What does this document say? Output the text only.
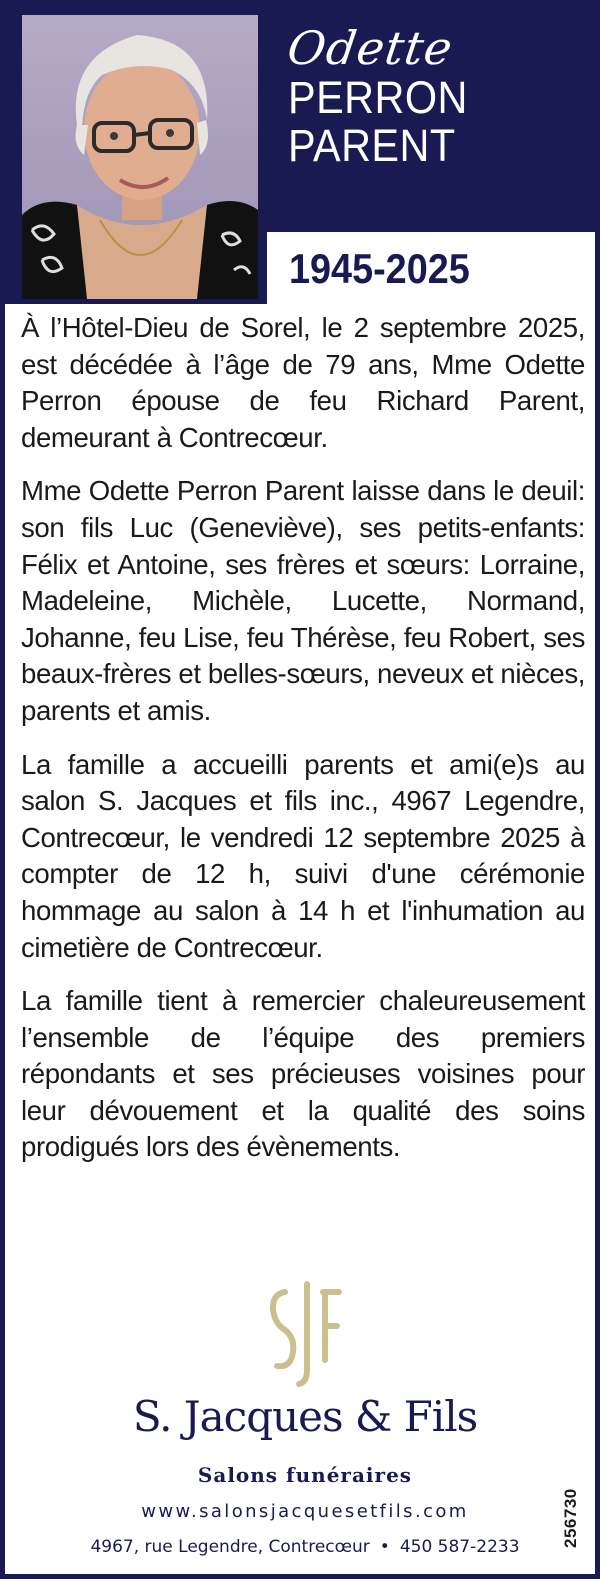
Odette
PERRON
PARENT
1945-2025

À l’Hôtel-Dieu de Sorel, le 2 septembre 2025, est décédée à l’âge de 79 ans, Mme Odette Perron épouse de feu Richard Parent, demeurant à Contrecœur.

Mme Odette Perron Parent laisse dans le deuil: son fils Luc (Geneviève), ses petits-enfants: Félix et Antoine, ses frères et sœurs: Lorraine, Madeleine, Michèle, Lucette, Normand, Johanne, feu Lise, feu Thérèse, feu Robert, ses beaux-frères et belles-sœurs, neveux et nièces, parents et amis.

La famille a accueilli parents et ami(e)s au salon S. Jacques et fils inc., 4967 Legendre, Contrecœur, le vendredi 12 septembre 2025 à compter de 12 h, suivi d'une cérémonie hommage au salon à 14 h et l'inhumation au cimetière de Contrecœur.

La famille tient à remercier chaleureusement l’ensemble de l’équipe des premiers répondants et ses précieuses voisines pour leur dévouement et la qualité des soins prodigués lors des évènements.

S. Jacques & Fils
Salons funéraires
www.salonsjacquesetfils.com
4967, rue Legendre, Contrecœur • 450 587-2233	256730
